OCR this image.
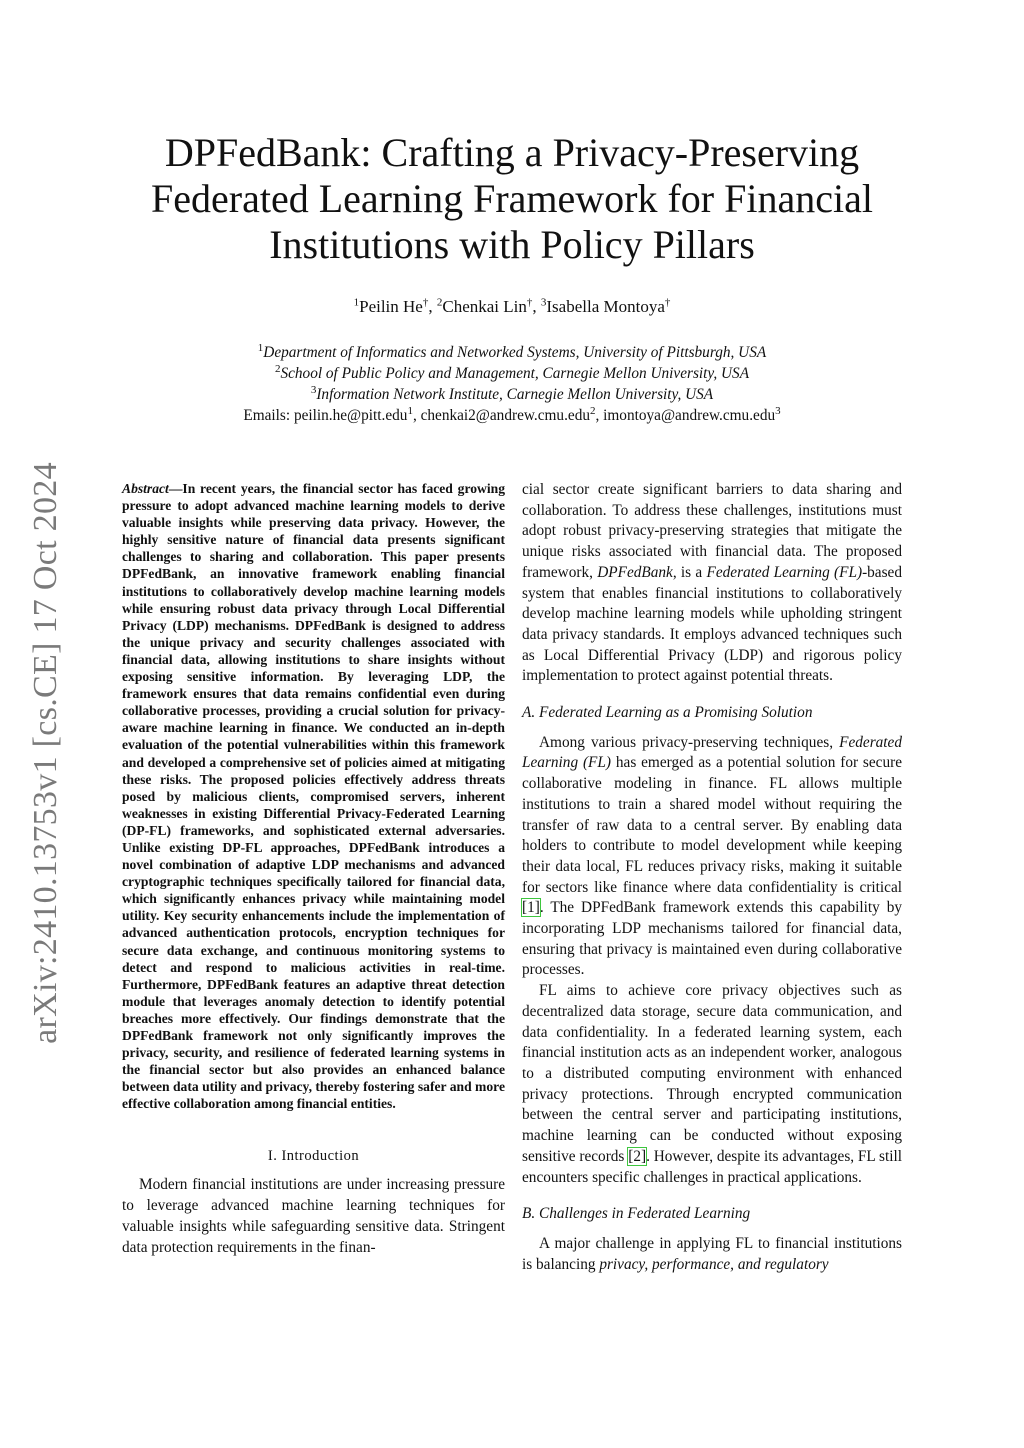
arXiv:2410.13753v1 [cs.CE] 17 Oct 2024
DPFedBank: Crafting a Privacy-Preserving
Federated Learning Framework for Financial
Institutions with Policy Pillars
$^1$Peilin He†, $^2$Chenkai Lin†, $^3$Isabella Montoya†
$^1$Department of Informatics and Networked Systems, University of Pittsburgh, USA
$^2$School of Public Policy and Management, Carnegie Mellon University, USA
$^3$Information Network Institute, Carnegie Mellon University, USA
Emails: peilin.he@pitt.edu$^1$, chenkai2@andrew.cmu.edu$^2$, imontoya@andrew.cmu.edu$^3$

Abstract—In recent years, the financial sector has faced growing pressure to adopt advanced machine learning models to derive valuable insights while preserving data privacy. However, the highly sensitive nature of financial data presents significant challenges to sharing and collaboration. This paper presents DPFedBank, an innovative framework enabling financial institutions to collaboratively develop machine learning models while ensuring robust data privacy through Local Differential Privacy (LDP) mechanisms. DPFedBank is designed to address the unique privacy and security challenges associated with financial data, allowing institutions to share insights without exposing sensitive information. By leveraging LDP, the framework ensures that data remains confidential even during collaborative processes, providing a crucial solution for privacy-aware machine learning in finance. We conducted an in-depth evaluation of the potential vulnerabilities within this framework and developed a comprehensive set of policies aimed at mitigating these risks. The proposed policies effectively address threats posed by malicious clients, compromised servers, inherent weaknesses in existing Differential Privacy-Federated Learning (DP-FL) frameworks, and sophisticated external adversaries. Unlike existing DP-FL approaches, DPFedBank introduces a novel combination of adaptive LDP mechanisms and advanced cryptographic techniques specifically tailored for financial data, which significantly enhances privacy while maintaining model utility. Key security enhancements include the implementation of advanced authentication protocols, encryption techniques for secure data exchange, and continuous monitoring systems to detect and respond to malicious activities in real-time. Furthermore, DPFedBank features an adaptive threat detection module that leverages anomaly detection to identify potential breaches more effectively. Our findings demonstrate that the DPFedBank framework not only significantly improves the privacy, security, and resilience of federated learning systems in the financial sector but also provides an enhanced balance between data utility and privacy, thereby fostering safer and more effective collaboration among financial entities.

I. Introduction

Modern financial institutions are under increasing pressure to leverage advanced machine learning techniques for valuable insights while safeguarding sensitive data. Stringent data protection requirements in the finan-

cial sector create significant barriers to data sharing and collaboration. To address these challenges, institutions must adopt robust privacy-preserving strategies that mitigate the unique risks associated with financial data. The proposed framework, DPFedBank, is a Federated Learning (FL)-based system that enables financial institutions to collaboratively develop machine learning models while upholding stringent data privacy standards. It employs advanced techniques such as Local Differential Privacy (LDP) and rigorous policy implementation to protect against potential threats.

A. Federated Learning as a Promising Solution

Among various privacy-preserving techniques, Federated Learning (FL) has emerged as a potential solution for secure collaborative modeling in finance. FL allows multiple institutions to train a shared model without requiring the transfer of raw data to a central server. By enabling data holders to contribute to model development while keeping their data local, FL reduces privacy risks, making it suitable for sectors like finance where data confidentiality is critical [1]. The DPFedBank framework extends this capability by incorporating LDP mechanisms tailored for financial data, ensuring that privacy is maintained even during collaborative processes.

FL aims to achieve core privacy objectives such as decentralized data storage, secure data communication, and data confidentiality. In a federated learning system, each financial institution acts as an independent worker, analogous to a distributed computing environment with enhanced privacy protections. Through encrypted communication between the central server and participating institutions, machine learning can be conducted without exposing sensitive records [2]. However, despite its advantages, FL still encounters specific challenges in practical applications.

B. Challenges in Federated Learning

A major challenge in applying FL to financial institutions is balancing privacy, performance, and regulatory
